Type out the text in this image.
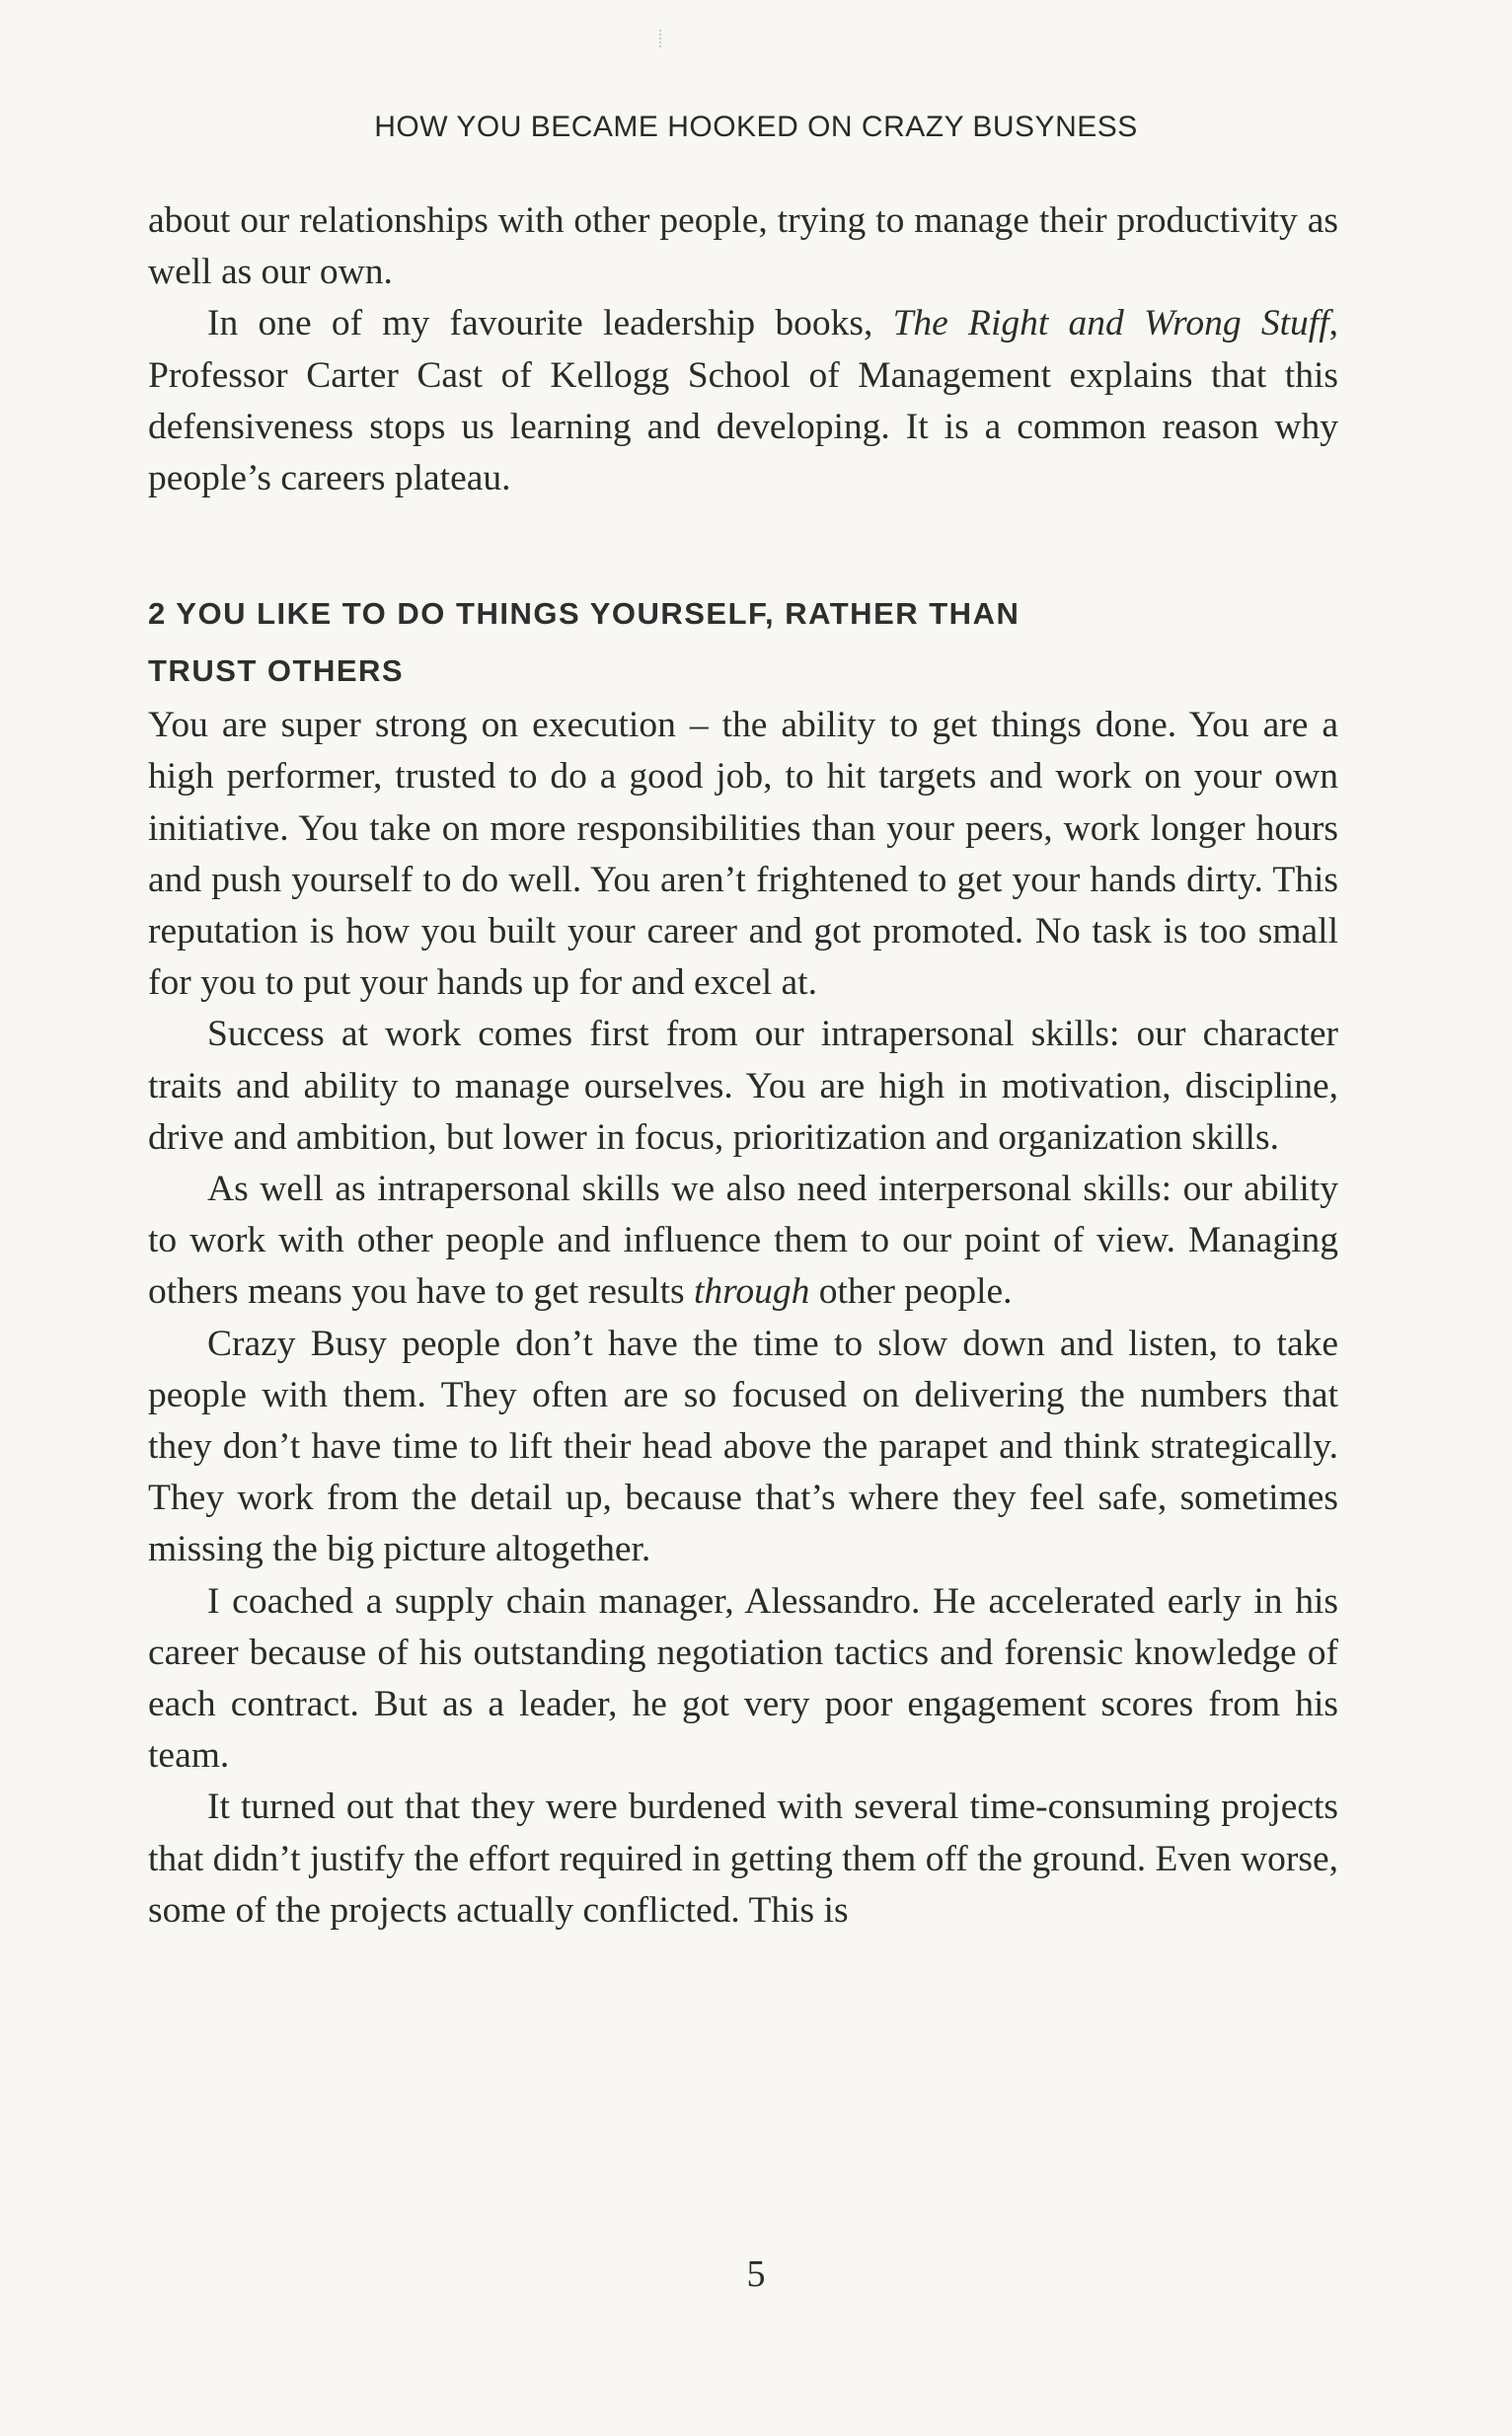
HOW YOU BECAME HOOKED ON CRAZY BUSYNESS

about our relationships with other people, trying to manage their productivity as well as our own.

In one of my favourite leadership books, The Right and Wrong Stuff, Professor Carter Cast of Kellogg School of Management explains that this defensiveness stops us learning and developing. It is a common reason why people’s careers plateau.

2 YOU LIKE TO DO THINGS YOURSELF, RATHER THAN
TRUST OTHERS

You are super strong on execution – the ability to get things done. You are a high performer, trusted to do a good job, to hit targets and work on your own initiative. You take on more responsibilities than your peers, work longer hours and push yourself to do well. You aren’t frightened to get your hands dirty. This reputation is how you built your career and got promoted. No task is too small for you to put your hands up for and excel at.

Success at work comes first from our intrapersonal skills: our character traits and ability to manage ourselves. You are high in motivation, discipline, drive and ambition, but lower in focus, prioritization and organization skills.

As well as intrapersonal skills we also need interpersonal skills: our ability to work with other people and influence them to our point of view. Managing others means you have to get results through other people.

Crazy Busy people don’t have the time to slow down and listen, to take people with them. They often are so focused on delivering the numbers that they don’t have time to lift their head above the parapet and think strategically. They work from the detail up, because that’s where they feel safe, sometimes missing the big picture altogether.

I coached a supply chain manager, Alessandro. He accelerated early in his career because of his outstanding negotiation tactics and forensic knowledge of each contract. But as a leader, he got very poor engagement scores from his team.

It turned out that they were burdened with several time-consuming projects that didn’t justify the effort required in getting them off the ground. Even worse, some of the projects actually conflicted. This is

5
